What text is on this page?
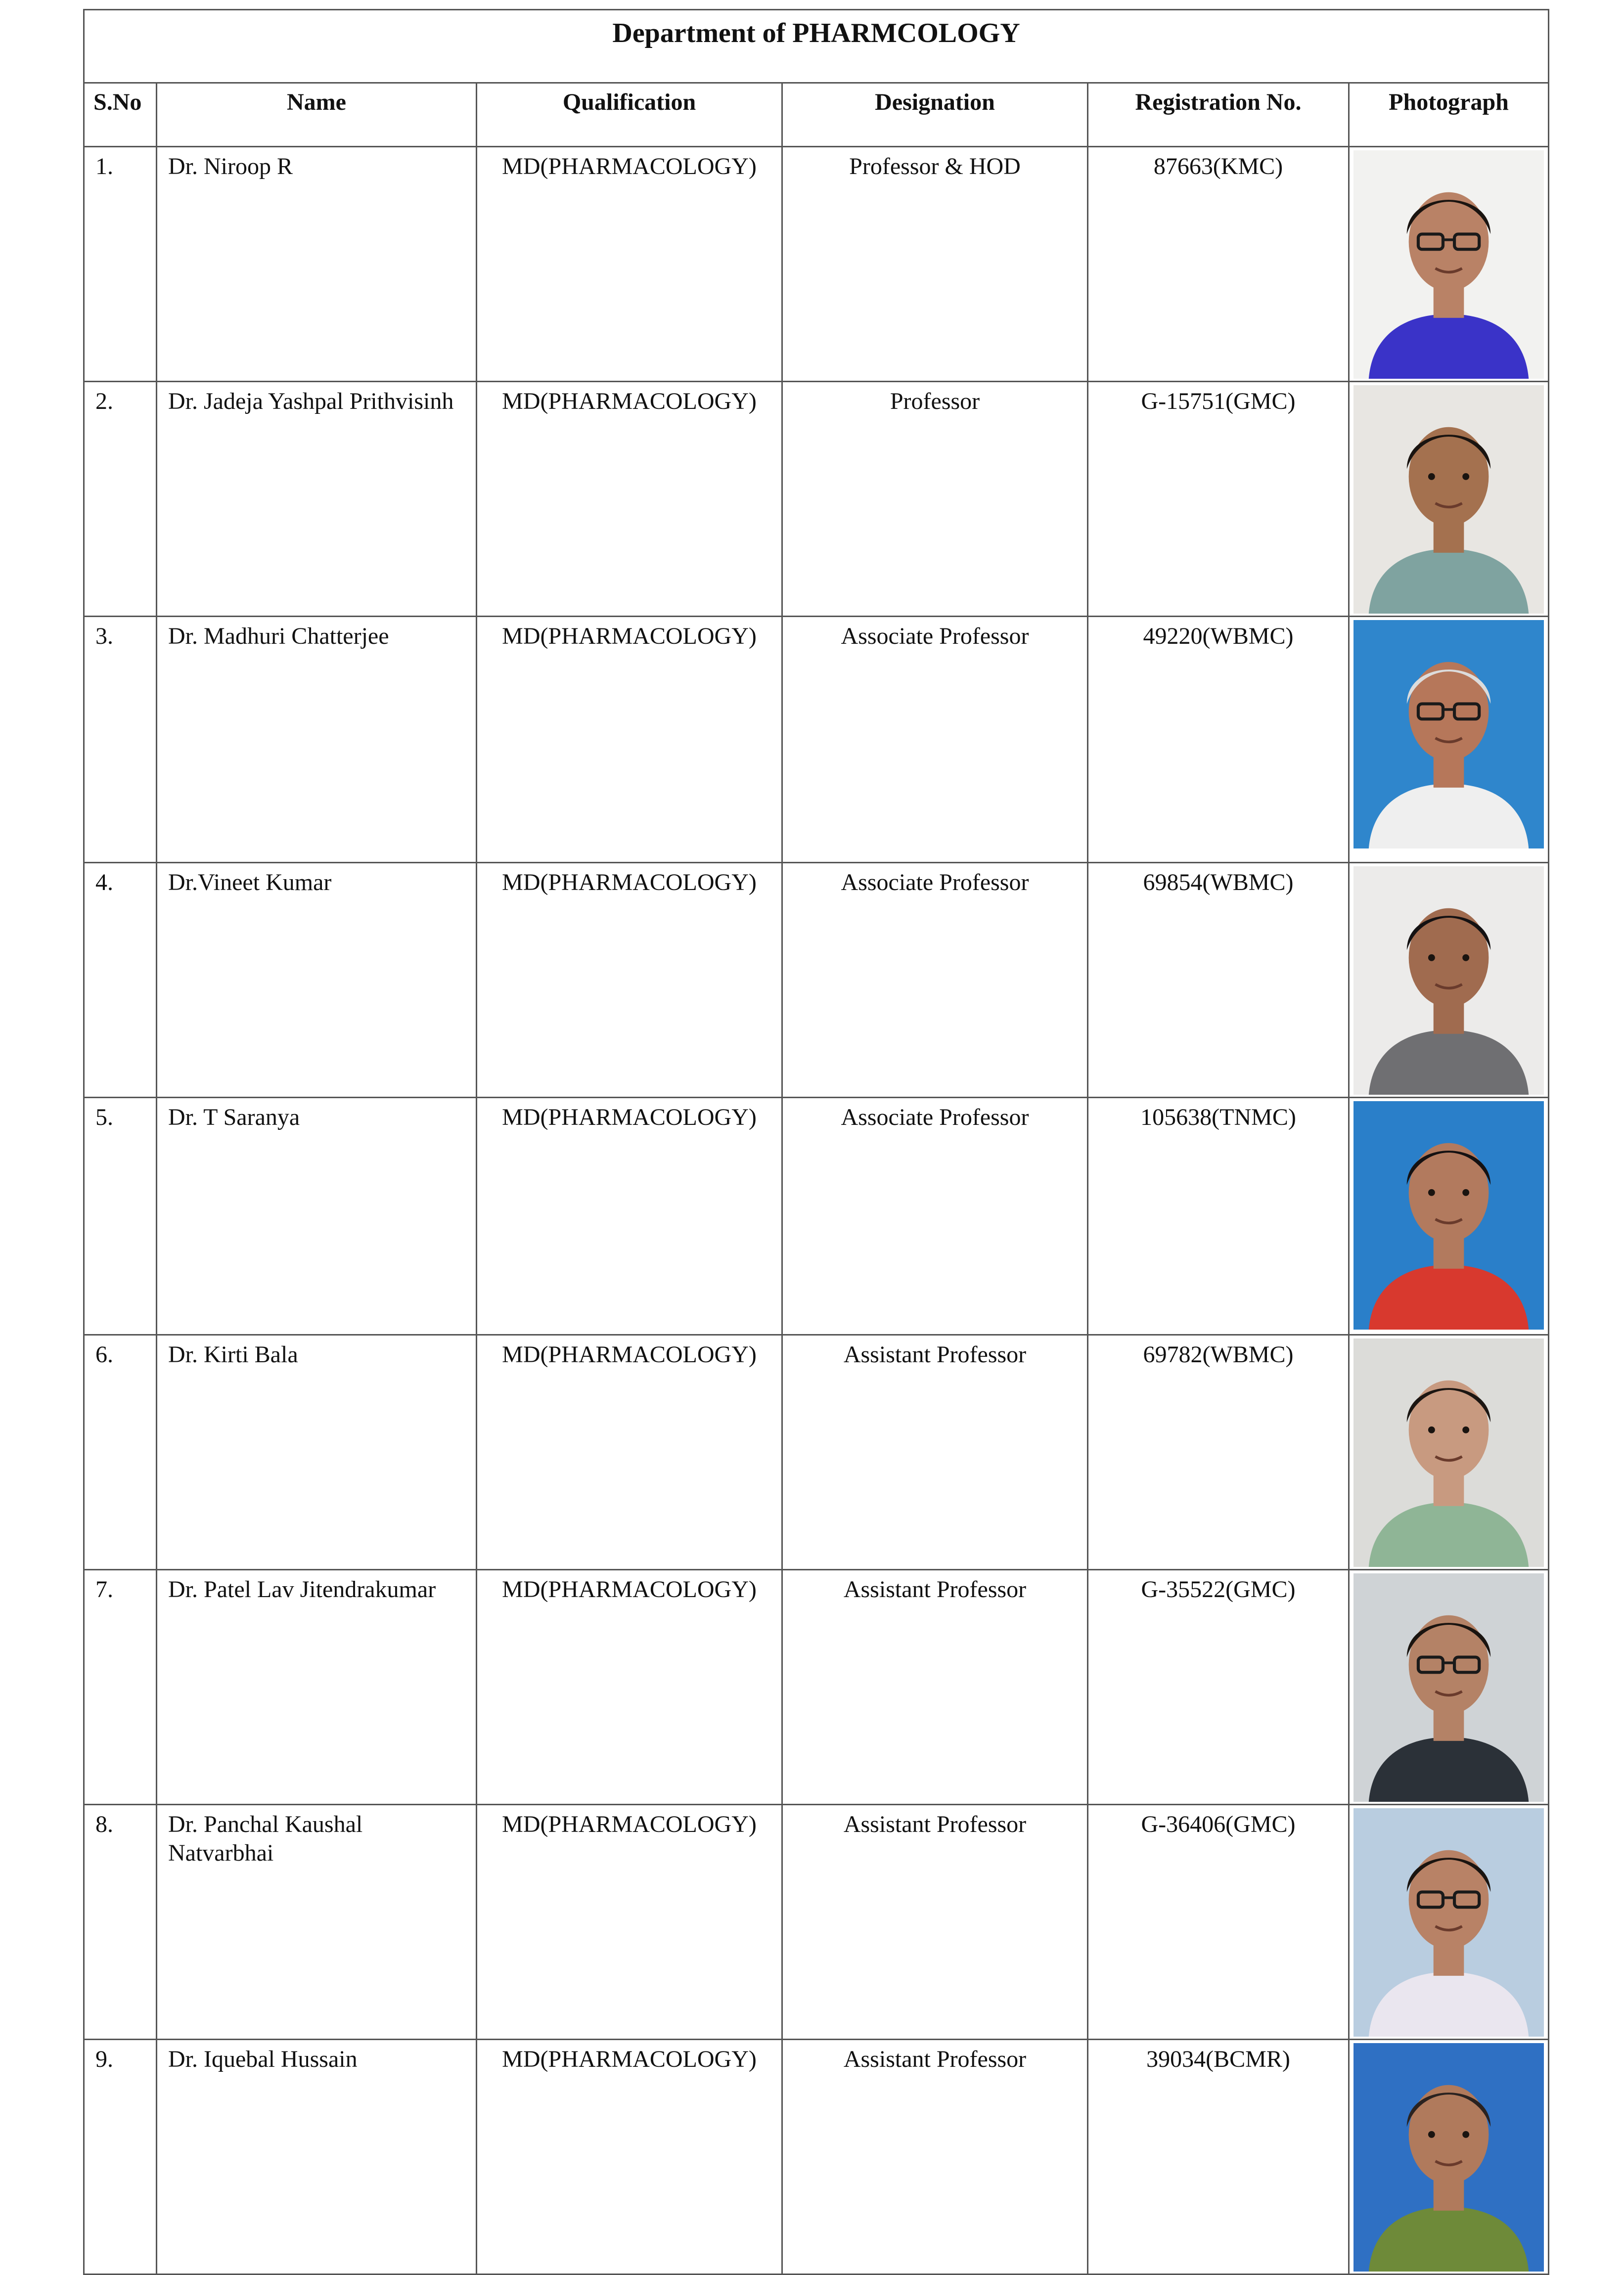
Department of PHARMCOLOGY					
S.No	Name	Qualification	Designation	Registration No.	Photograph
1.	Dr. Niroop R	MD(PHARMACOLOGY)	Professor & HOD	87663(KMC)	

2.	Dr. Jadeja Yashpal Prithvisinh	MD(PHARMACOLOGY)	Professor	G-15751(GMC)	

3.	Dr. Madhuri Chatterjee	MD(PHARMACOLOGY)	Associate Professor	49220(WBMC)	

4.	Dr.Vineet Kumar	MD(PHARMACOLOGY)	Associate Professor	69854(WBMC)	

5.	Dr. T Saranya	MD(PHARMACOLOGY)	Associate Professor	105638(TNMC)	

6.	Dr. Kirti Bala	MD(PHARMACOLOGY)	Assistant Professor	69782(WBMC)	

7.	Dr. Patel Lav Jitendrakumar	MD(PHARMACOLOGY)	Assistant Professor	G-35522(GMC)	

8.	Dr. Panchal Kaushal Natvarbhai	MD(PHARMACOLOGY)	Assistant Professor	G-36406(GMC)	

9.	Dr. Iquebal Hussain	MD(PHARMACOLOGY)	Assistant Professor	39034(BCMR)	
